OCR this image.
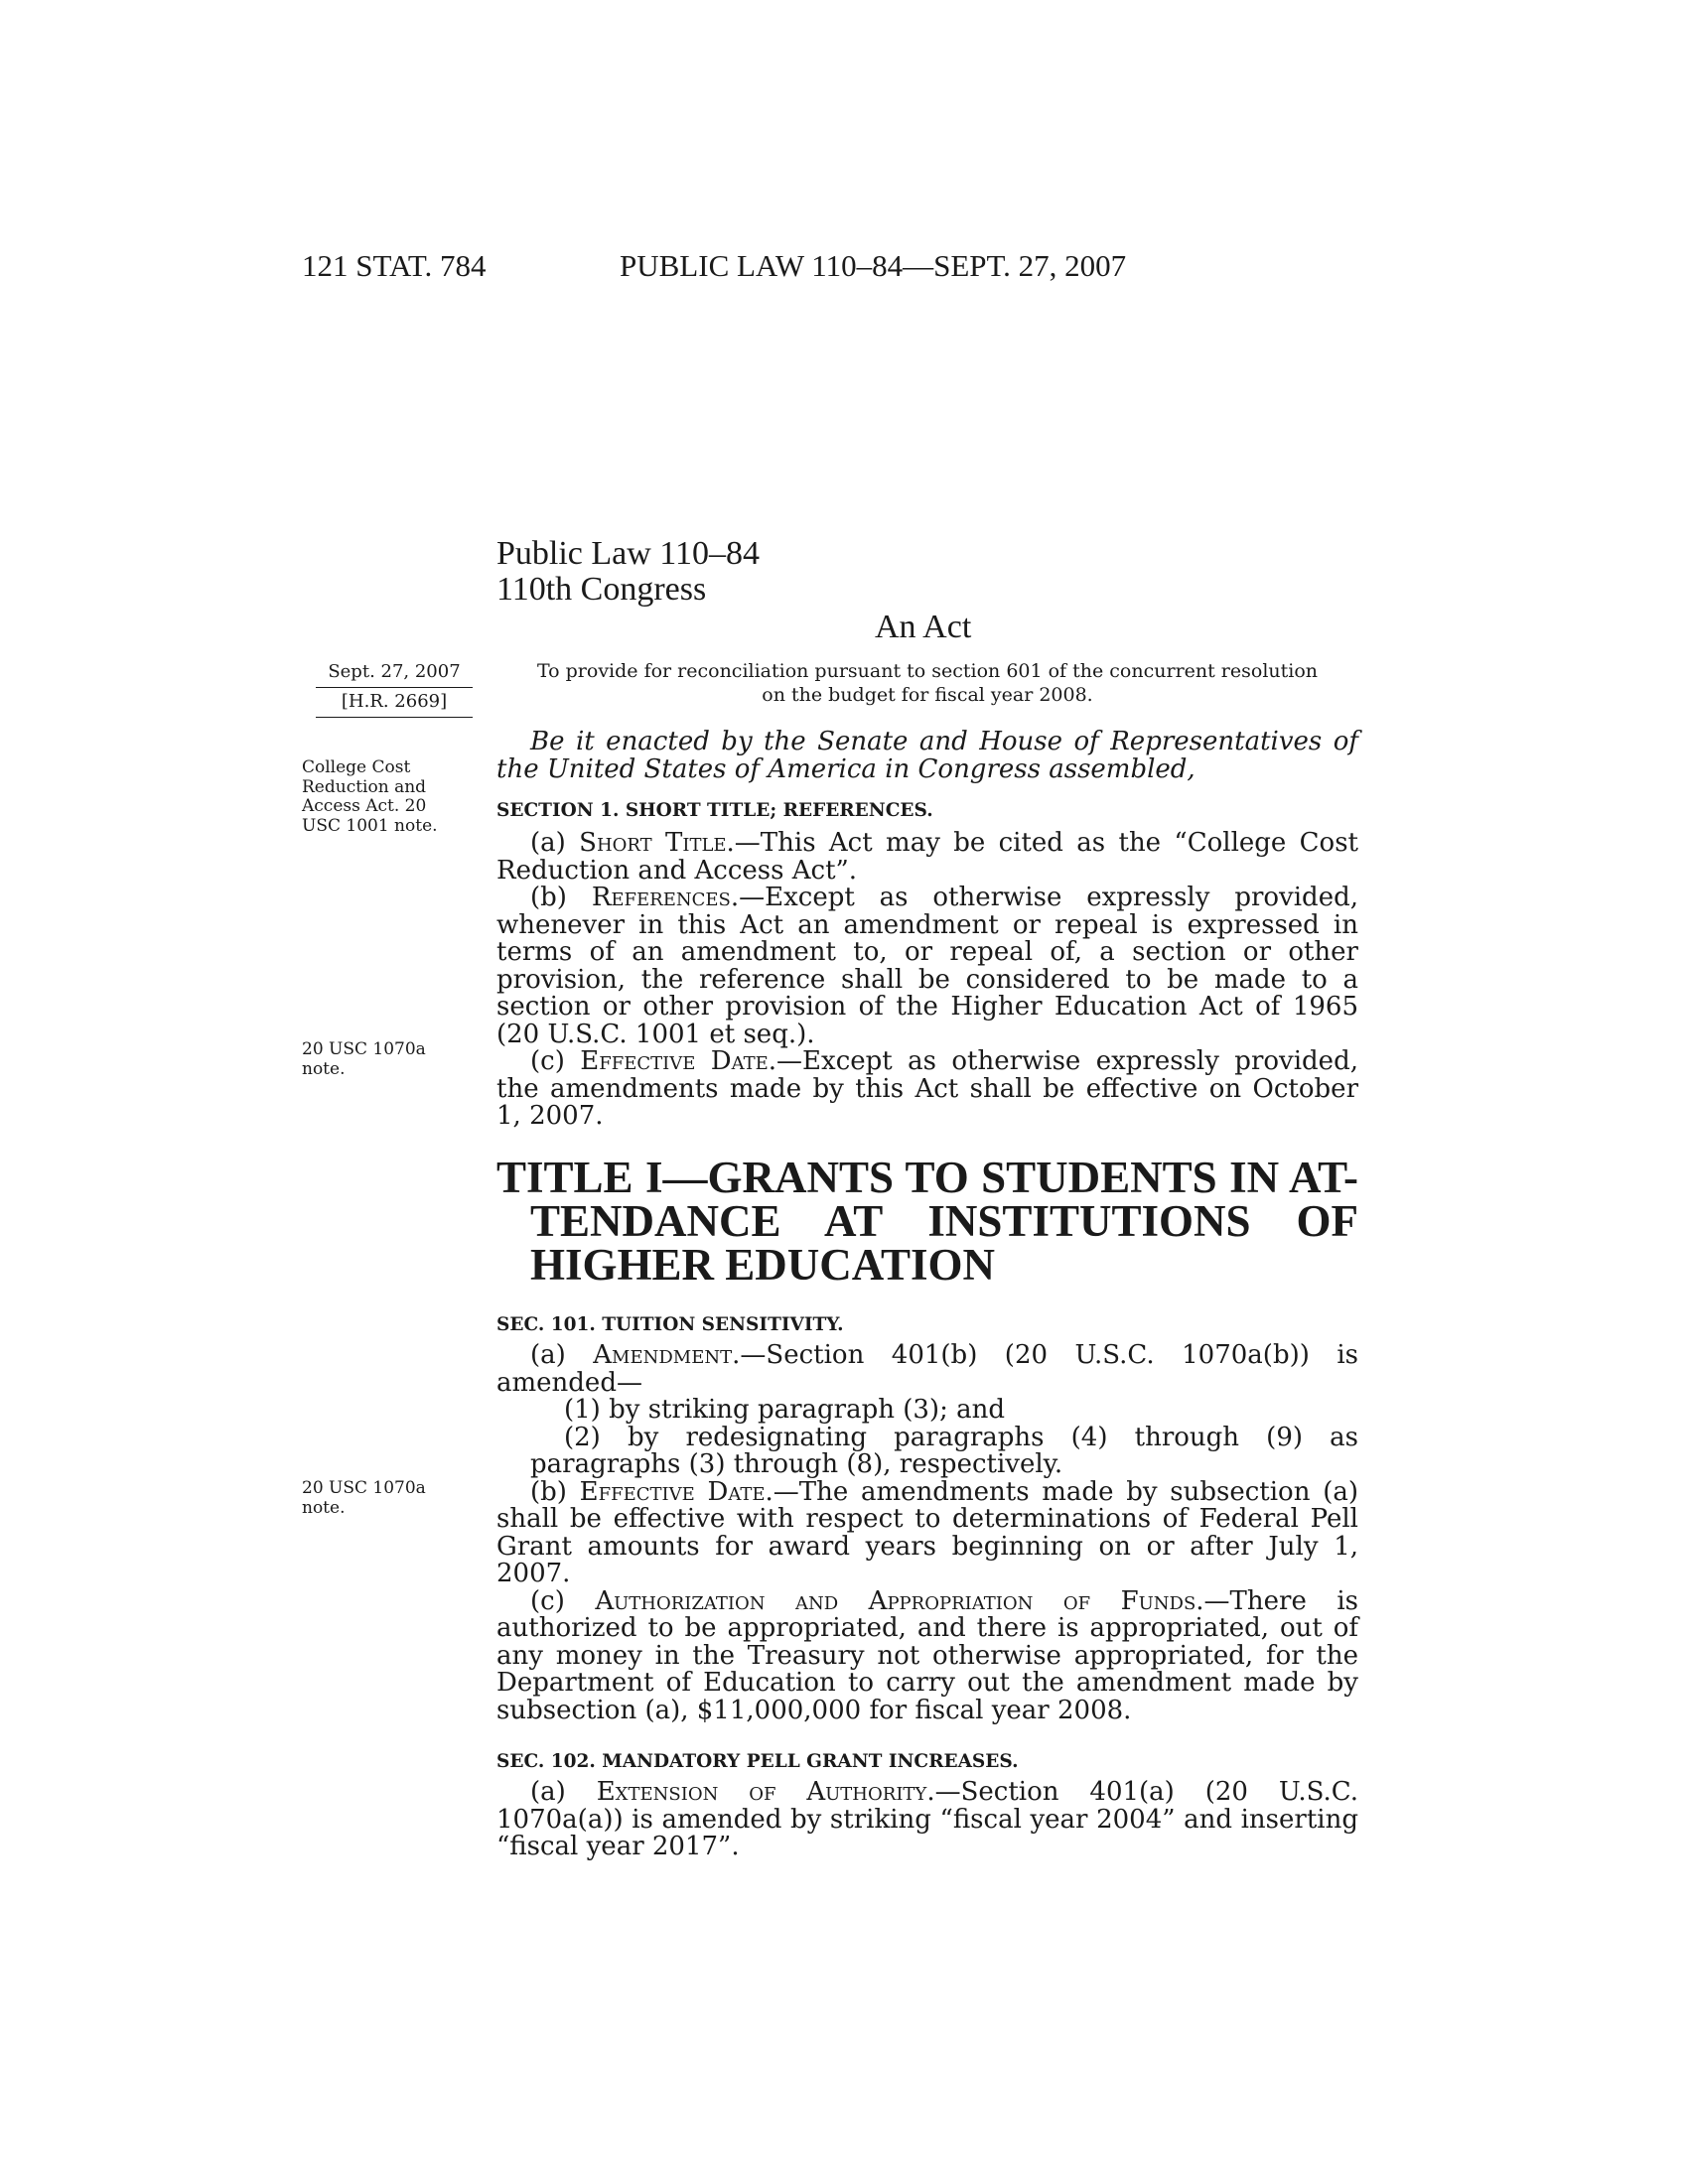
121 STAT. 784	PUBLIC LAW 110–84—SEPT. 27, 2007
Public Law 110–84
110th Congress
An Act
Sept. 27, 2007
[H.R. 2669]
To provide for reconciliation pursuant to section 601 of the concurrent resolution
on the budget for fiscal year 2008.
College Cost Reduction and Access Act. 20 USC 1001 note.
20 USC 1070a note.
20 USC 1070a note.

Be it enacted by the Senate and House of Representatives of the United States of America in Congress assembled,

SECTION 1. SHORT TITLE; REFERENCES.

(a) Short Title.—This Act may be cited as the “College Cost Reduction and Access Act”.

(b) References.—Except as otherwise expressly provided, whenever in this Act an amendment or repeal is expressed in terms of an amendment to, or repeal of, a section or other provision, the reference shall be considered to be made to a section or other provision of the Higher Education Act of 1965 (20 U.S.C. 1001 et seq.).

(c) Effective Date.—Except as otherwise expressly provided, the amendments made by this Act shall be effective on October 1, 2007.

TITLE I—GRANTS TO STUDENTS IN AT-
TENDANCE AT INSTITUTIONS OF
HIGHER EDUCATION
SEC. 101. TUITION SENSITIVITY.

(a) Amendment.—Section 401(b) (20 U.S.C. 1070a(b)) is amended—

(1) by striking paragraph (3); and

(2) by redesignating paragraphs (4) through (9) as paragraphs (3) through (8), respectively.

(b) Effective Date.—The amendments made by subsection (a) shall be effective with respect to determinations of Federal Pell Grant amounts for award years beginning on or after July 1, 2007.

(c) Authorization and Appropriation of Funds.—There is authorized to be appropriated, and there is appropriated, out of any money in the Treasury not otherwise appropriated, for the Department of Education to carry out the amendment made by subsection (a), $11,000,000 for fiscal year 2008.

SEC. 102. MANDATORY PELL GRANT INCREASES.

(a) Extension of Authority.—Section 401(a) (20 U.S.C. 1070a(a)) is amended by striking “fiscal year 2004” and inserting “fiscal year 2017”.
